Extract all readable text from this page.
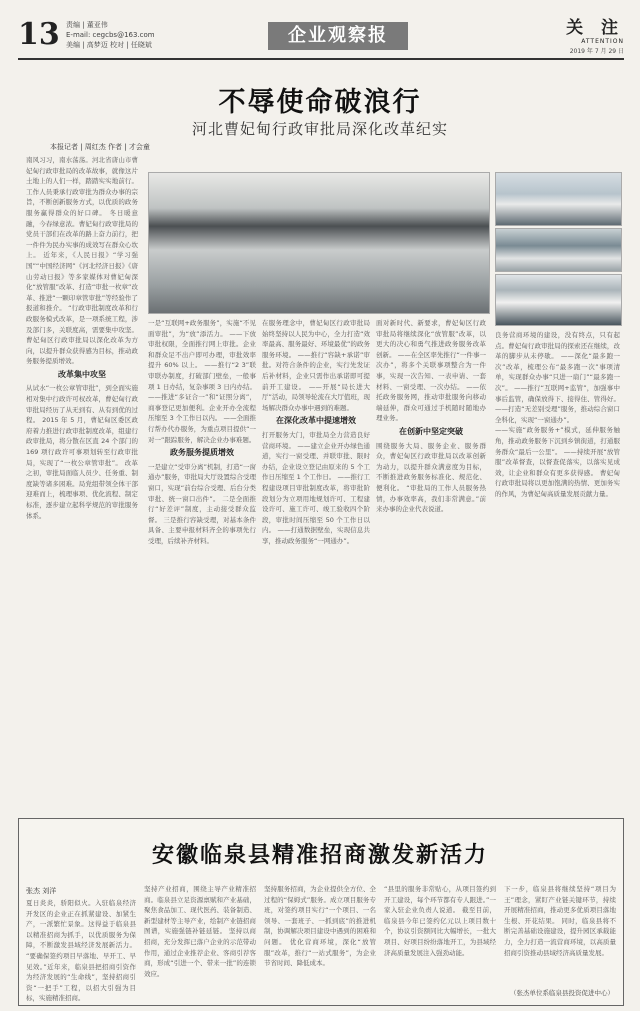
13 责编 | 董亚伟
E-mail: cegcbs@163.com
美编 | 高梦迈 校对 | 任晓斌	企业观察报	关 注
ATTENTION
2019 年 7 月 29 日
不辱使命破浪行
河北曹妃甸行政审批局深化改革纪实
本报记者 | 周红杰 作者 | 才会童
南风习习，南水荡荡。河北省唐山市曹妃甸行政审批局的改革故事，就像这片土地上的人们一样，踏踏实实地前行。工作人员秉承行政审批为群众办事的宗旨，不断创新服务方式，以优质的政务服务赢得群众的好口碑。 冬日暖意融，今春绿意浓。曹妃甸行政审批局的党员干部们在改革的路上奋力前行，把一件件为民办实事的成效写在群众心坎上。 近年来，《人民日报》“学习强国”“中国经济网”《河北经济日报》《唐山劳动日报》等多家媒体对曹妃甸深化“放管服”改革、打造“审批一枚章”改革、推进“一颗印章管审批”等经验作了报道和推介。 “行政审批制度改革和行政服务模式改革，是一项系统工程，涉及部门多，关联度高，需要集中攻坚。曹妃甸区行政审批局以深化改革为方向，以提升群众获得感为目标，推动政务服务提质增效。
改革集中攻坚
从试水“一枚公章管审批”，到全面实施相对集中行政许可权改革，曹妃甸行政审批局经历了从无到有、从有到优的过程。 2015 年 5 月，曹妃甸区委区政府着力推进行政审批制度改革，组建行政审批局，将分散在区直 24 个部门的 169 项行政许可事项划转至行政审批局，实现了“一枚公章管审批”。 改革之初，审批局面临人员少、任务重、制度缺等诸多困难。局党组带领全体干部迎难而上，梳理事项、优化流程、制定标准，逐步建立起科学规范的审批服务体系。
一是“互联网+政务服务”，实施“不见面审批”，为“放”添活力。 ——下放审批权限，全面推行网上审批。企业和群众足不出户即可办理，审批效率提升 60% 以上。 ——推行“2 3”联审联办制度，打破部门壁垒，一般事项 1 日办结，复杂事项 3 日内办结。 ——推进“多证合一”和“证照分离”，商事登记更加便利。企业开办全流程压缩至 3 个工作日以内。 ——全面推行帮办代办服务，为重点项目提供“一对一”跟踪服务，解决企业办事难题。
政务服务提质增效
一是建立“受审分离”机制，打造“一窗通办”服务，审批局大厅设置综合受理窗口，实现“前台综合受理、后台分类审批、统一窗口出件”。 二是全面推行“好差评”制度，主动接受群众监督。 三是推行容缺受理，对基本条件具备、主要申报材料齐全的事项先行受理，后续补齐材料。
在服务理念中，曹妃甸区行政审批局始终坚持以人民为中心，全力打造“效率最高、服务最好、环境最优”的政务服务环境。 ——推行“容缺+承诺”审批。对符合条件的企业，实行先发证后补材料，企业只需作出承诺即可提前开工建设。 ——开展“局长进大厅”活动，局领导轮流在大厅值班，现场解决群众办事中遇到的难题。
在深化改革中提速增效
打开服务大门，审批局全力营造良好营商环境。 ——建立企业开办绿色通道，实行一窗受理、并联审批、限时办结，企业设立登记由原来的 5 个工作日压缩至 1 个工作日。 ——推行工程建设项目审批制度改革，将审批阶段划分为立项用地规划许可、工程建设许可、施工许可、竣工验收四个阶段，审批时间压缩至 50 个工作日以内。 ——打通数据壁垒，实现信息共享，推动政务服务“一网通办”。
面对新时代、新要求，曹妃甸区行政审批局将继续深化“放管服”改革，以更大的决心和勇气推进政务服务改革创新。 ——在全区率先推行“一件事一次办”，将多个关联事项整合为一件事，实现一次告知、一表申请、一套材料、一窗受理、一次办结。 ——依托政务服务网，推动审批服务向移动端延伸，群众可通过手机随时随地办理业务。
在创新中坚定突破
围绕服务大局、服务企业、服务群众，曹妃甸区行政审批局以改革创新为动力，以提升群众满意度为目标，不断推进政务服务标准化、规范化、便利化。 “审批局的工作人员服务热情，办事效率高，我们非常满意。”前来办事的企业代表说道。
良务营商环境的建设，没有终点，只有起点。曹妃甸行政审批局的探索还在继续，改革的脚步从未停歇。 ——深化“最多跑一次”改革，梳理公布“最多跑一次”事项清单，实现群众办事“只进一扇门”“最多跑一次”。 ——推行“互联网+监管”，加强事中事后监管，确保放得下、接得住、管得好。 ——打造“无差别受理”服务，推动综合窗口全科化，实现“一窗通办”。
——实施“政务服务+”模式，延伸服务触角，推动政务服务下沉到乡镇街道，打通服务群众“最后一公里”。 ——持续开展“放管服”改革督查，以督查促落实，以落实见成效，让企业和群众有更多获得感。 曹妃甸行政审批局将以更加饱满的热情、更加务实的作风，为曹妃甸高质量发展贡献力量。
安徽临泉县精准招商激发新活力
张杰 刘洋
夏日炎炎，骄阳似火。入驻临泉经济开发区的企业正在抓紧建设、加紧生产，一派繁忙景象。这得益于临泉县以精准招商为抓手，以优质服务为保障，不断激发县域经济发展新活力。 “要确保签约项目早落地、早开工、早见效。”近年来，临泉县把招商引资作为经济发展的“生命线”，坚持招商引资“一把手”工程，以招大引强为目标，实施精准招商。
坚持产业招商，围绕主导产业精准招商。临泉县立足资源禀赋和产业基础，聚焦食品加工、现代医药、装备制造、新型建材等主导产业，绘制产业链招商图谱，实施强链补链延链。 坚持以商招商，充分发挥已落户企业的示范带动作用，通过企业推荐企业、客商引荐客商，形成“引进一个、带来一批”的连锁效应。
坚持服务招商，为企业提供全方位、全过程的“保姆式”服务。成立项目服务专班，对签约项目实行“一个项目、一名领导、一套班子、一抓到底”的推进机制，协调解决项目建设中遇到的困难和问题。 优化营商环境，深化“放管服”改革，推行“一站式服务”，为企业节省时间、降低成本。
“县里的服务非常贴心，从项目签约到开工建设，每个环节都有专人跟进。”一家入驻企业负责人说道。 截至目前，临泉县今年已签约亿元以上项目数十个，协议引资额同比大幅增长，一批大项目、好项目纷纷落地开工，为县域经济高质量发展注入强劲动能。
下一步，临泉县将继续坚持“项目为王”理念，紧盯产业链关键环节，持续开展精准招商，推动更多优质项目落地生根、开花结果。 同时，临泉县将不断完善基础设施建设，提升园区承载能力，全力打造一流营商环境，以高质量招商引资推动县域经济高质量发展。
（张杰单位系临泉县投资促进中心）
